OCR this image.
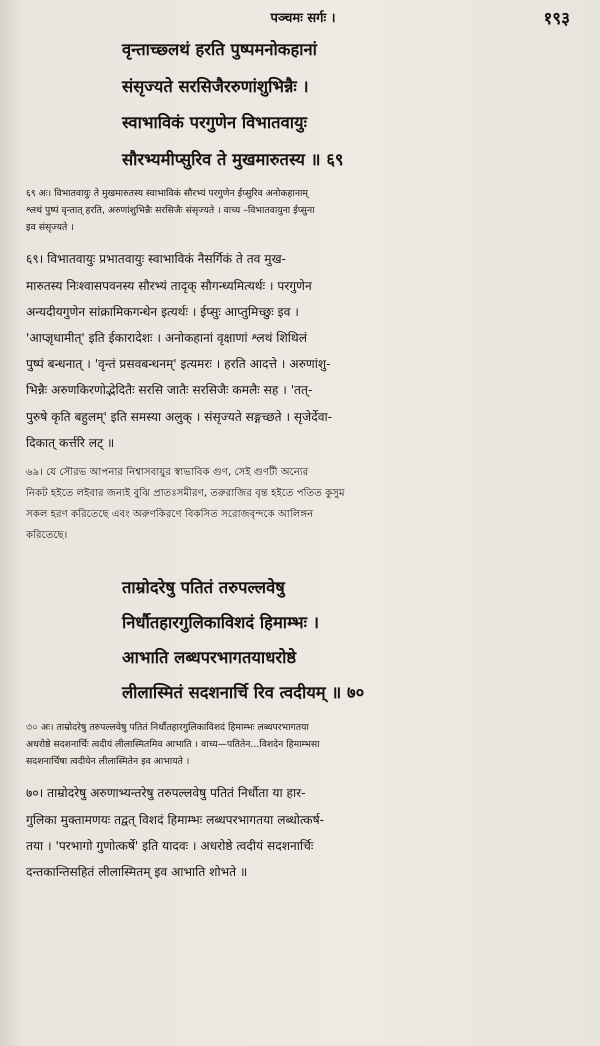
पञ्चमः सर्गः ।	१९३
वृन्ताच्छ्लथं हरति पुष्पमनोकहानां
संसृज्यते सरसिजैररुणांशुभिन्नैः ।
स्वाभाविकं परगुणेन विभातवायुः
सौरभ्यमीप्सुरिव ते मुखमारुतस्य ॥ ६९
६९ अः। विभातवायुः ते मुखमारुतस्य स्वाभाविकं सौरभ्यं परगुणेन ईप्सुरिव अनोकहानाम्
श्लथं पुष्पं वृन्तात् हरति, अरुणांशुभिन्नैः सरसिजैः संसृज्यते । वाच्य –विभातवायुना ईप्सुना
इव संसृज्यते ।
६९। विभातवायुः प्रभातवायुः स्वाभाविकं नैसर्गिकं ते तव मुख-
मारुतस्य निःश्वासपवनस्य सौरभ्यं तादृक् सौगन्ध्यमित्यर्थः । परगुणेन
अन्यदीयगुणेन सांक्रामिकगन्धेन इत्यर्थः । ईप्सुः आप्तुमिच्छुः इव ।
'आप्ज्ञृधामीत्' इति ईकारादेशः । अनोकहानां वृक्षाणां श्लथं शिथिलं
पुष्पं बन्धनात् । 'वृन्तं प्रसवबन्धनम्' इत्यमरः । हरति आदत्ते । अरुणांशु-
भिन्नैः अरुणकिरणोद्भेदितैः सरसि जातैः सरसिजैः कमलैः सह । 'तत्-
पुरुषे कृति बहुलम्' इति समस्या अलुक् । संसृज्यते सङ्गच्छते । सृजेर्देवा-
दिकात् कर्त्तरि लट् ॥
৬৯। যে সৌরভ আপনার নিশ্বাসবায়ুর স্বাভাবিক গুণ, সেই গুণটী অন্যের
নিকট হইতে লইবার জন্যই বুঝি প্রাতঃসমীরণ, তরুরাজির বৃন্ত হইতে পতিত কুসুম
সকল হরণ করিতেছে এবং অরুণকিরণে বিকসিত সরোজবৃন্দকে আলিঙ্গন
করিতেছে।
ताम्रोदरेषु पतितं तरुपल्लवेषु
निर्धौतहारगुलिकाविशदं हिमाम्भः ।
आभाति लब्धपरभागतयाधरोष्ठे
लीलास्मितं सदशनार्चि रिव त्वदीयम् ॥ ७०
৩০ अः। ताम्रोदरेषु तरुपल्लवेषु पतितं निर्धौतहारगुलिकाविशदं हिमाम्भः लब्धपरभागतया
अधरोष्ठे सदशनार्चिः त्वदीयं लीलास्मितमिव आभाति । वाच्य—पतितेन...विशदेन हिमाम्भसा
सदशनार्चिषा त्वदीयेन लीलास्मितेन इव आभायते ।
७०। ताम्रोदरेषु अरुणाभ्यन्तरेषु तरुपल्लवेषु पतितं निर्धौता या हार-
गुलिका मुक्तामणयः तद्वत् विशदं हिमाम्भः लब्धपरभागतया लब्धोत्कर्ष-
तया । 'परभागो गुणोत्कर्षे' इति यादवः । अधरोष्ठे त्वदीयं सदशनार्चिः
दन्तकान्तिसहितं लीलास्मितम् इव आभाति शोभते ॥
